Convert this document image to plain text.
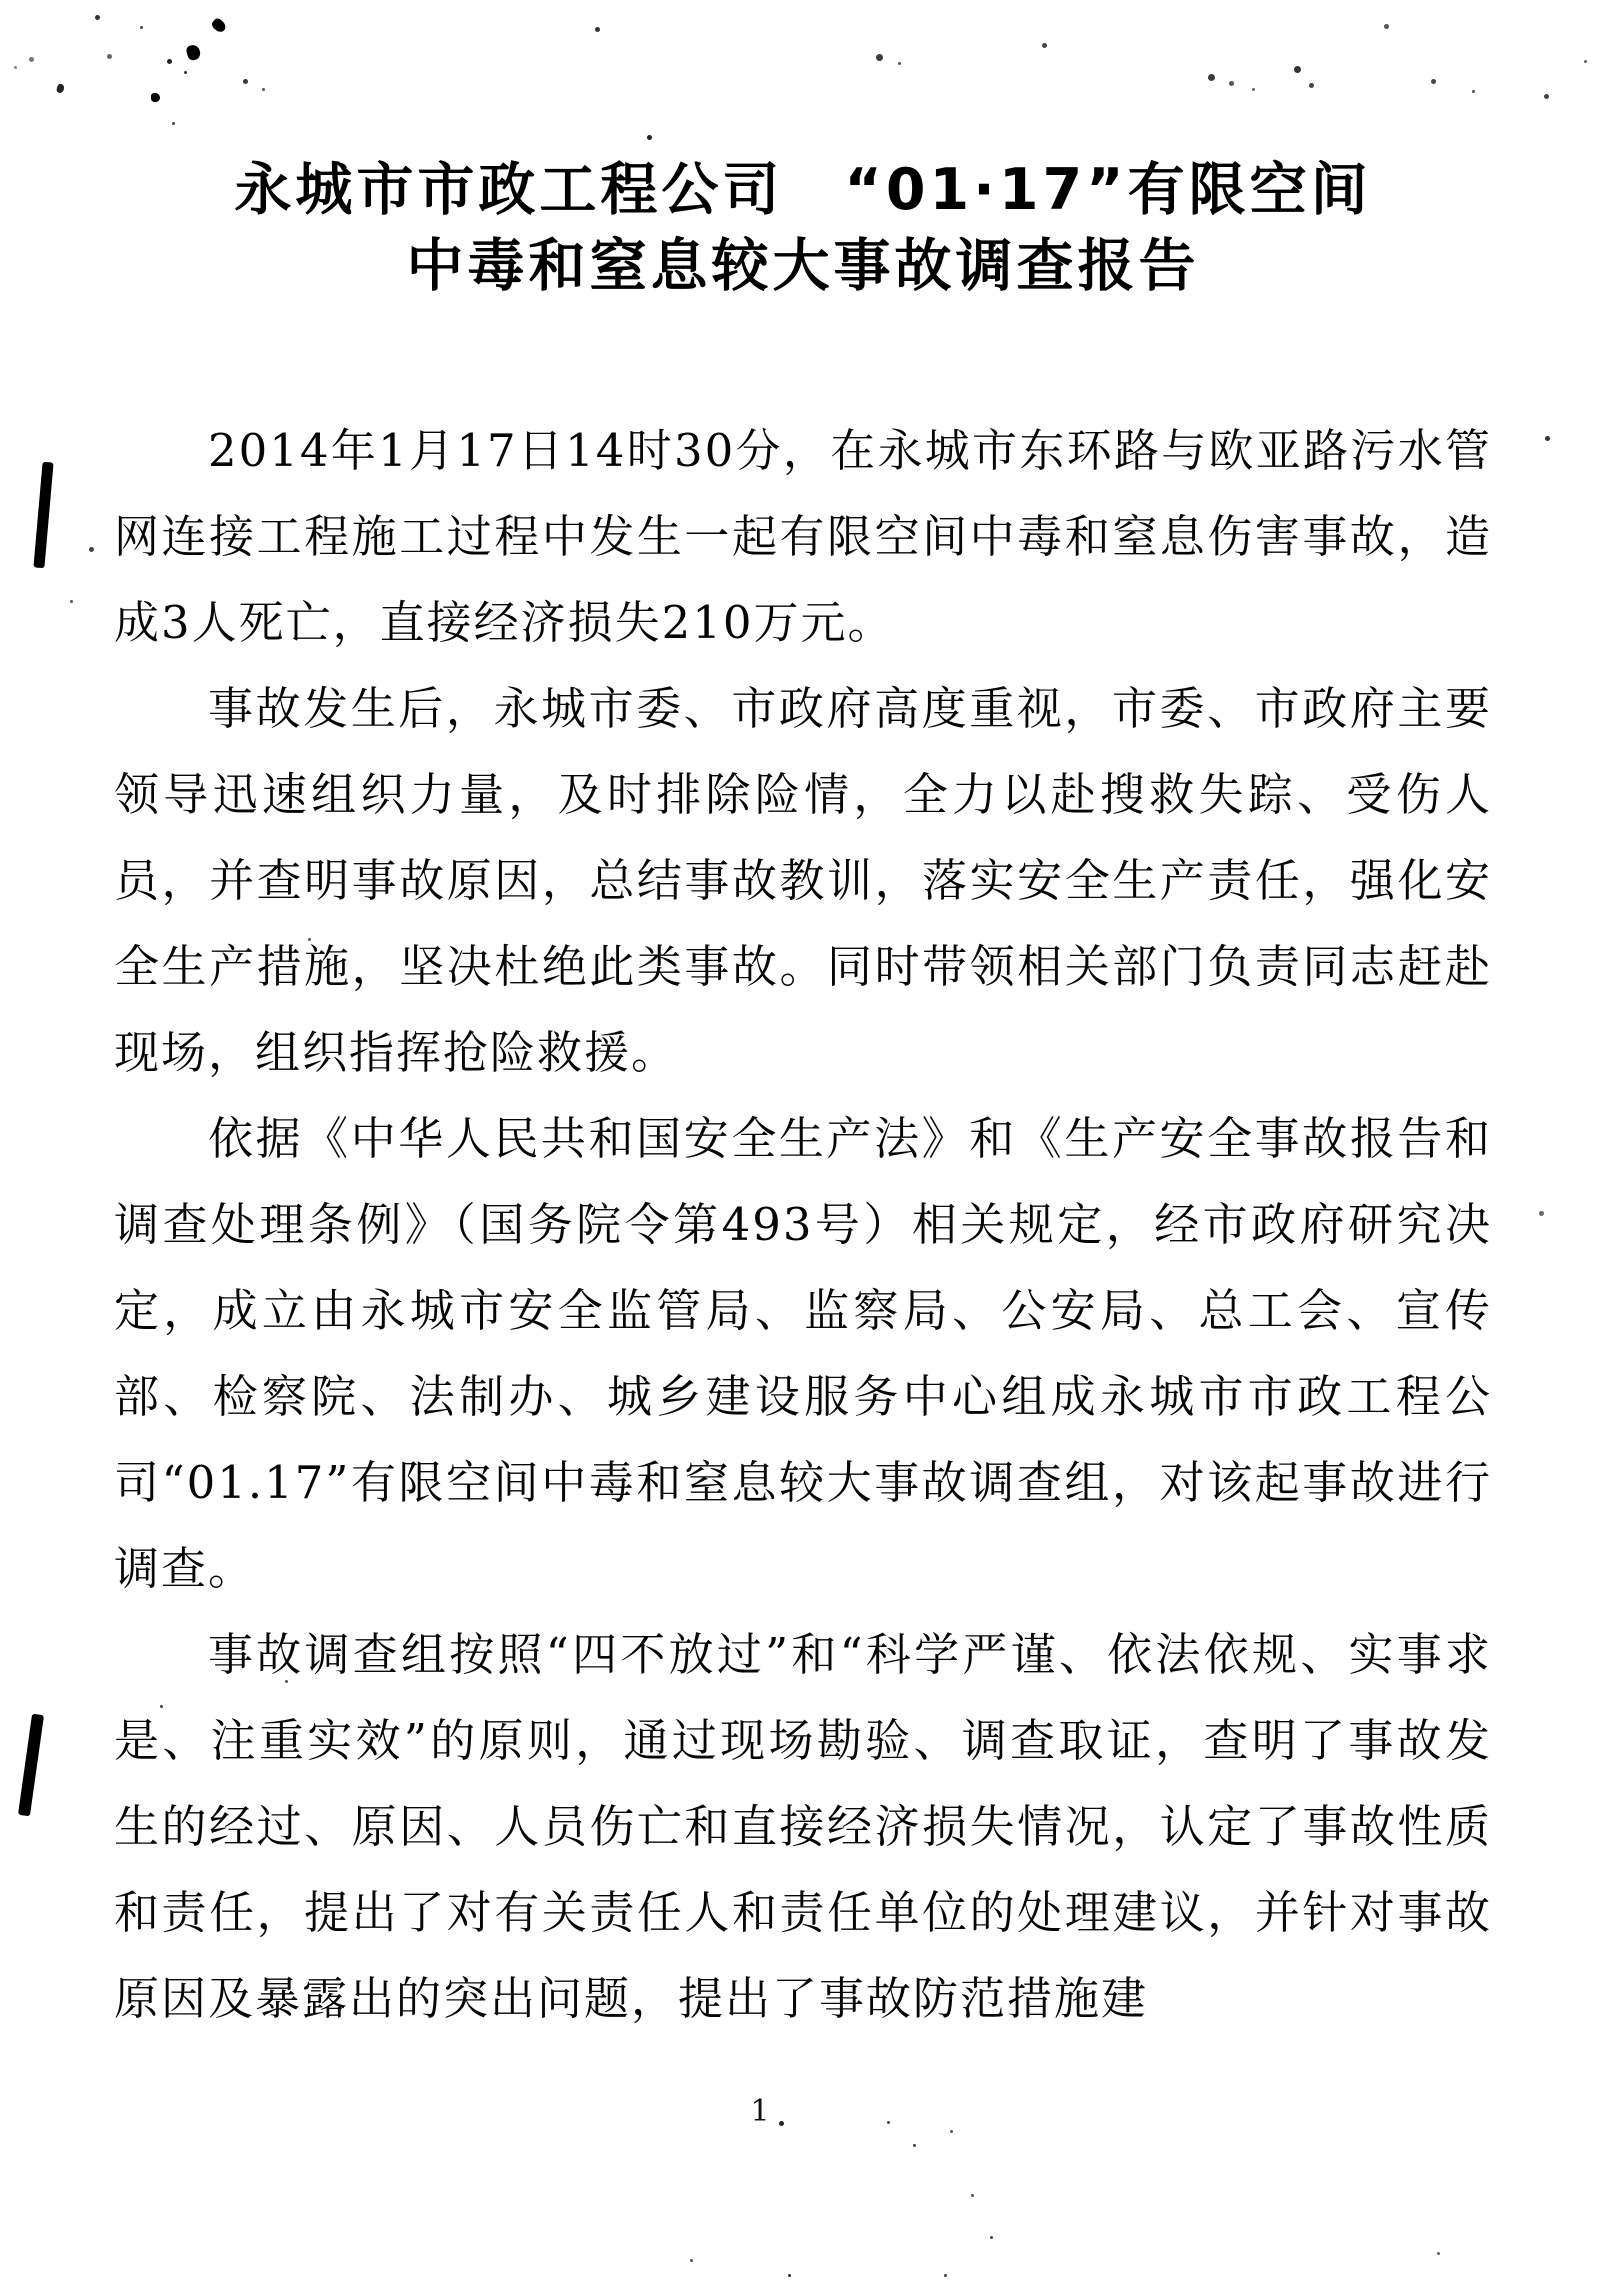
永城市市政工程公司　“01·17”有限空间
中毒和窒息较大事故调查报告

2014年1月17日14时30分，在永城市东环路与欧亚路污水管网连接工程施工过程中发生一起有限空间中毒和窒息伤害事故，造成3人死亡，直接经济损失210万元。

事故发生后，永城市委、市政府高度重视，市委、市政府主要领导迅速组织力量，及时排除险情，全力以赴搜救失踪、受伤人员，并查明事故原因，总结事故教训，落实安全生产责任，强化安全生产措施，坚决杜绝此类事故。同时带领相关部门负责同志赶赴现场，组织指挥抢险救援。

依据《中华人民共和国安全生产法》和《生产安全事故报告和调查处理条例》（国务院令第493号）相关规定，经市政府研究决定，成立由永城市安全监管局、监察局、公安局、总工会、宣传部、检察院、法制办、城乡建设服务中心组成永城市市政工程公司“01.17”有限空间中毒和窒息较大事故调查组，对该起事故进行调查。

事故调查组按照“四不放过”和“科学严谨、依法依规、实事求是、注重实效”的原则，通过现场勘验、调查取证，查明了事故发生的经过、原因、人员伤亡和直接经济损失情况，认定了事故性质和责任，提出了对有关责任人和责任单位的处理建议，并针对事故原因及暴露出的突出问题，提出了事故防范措施建

1
